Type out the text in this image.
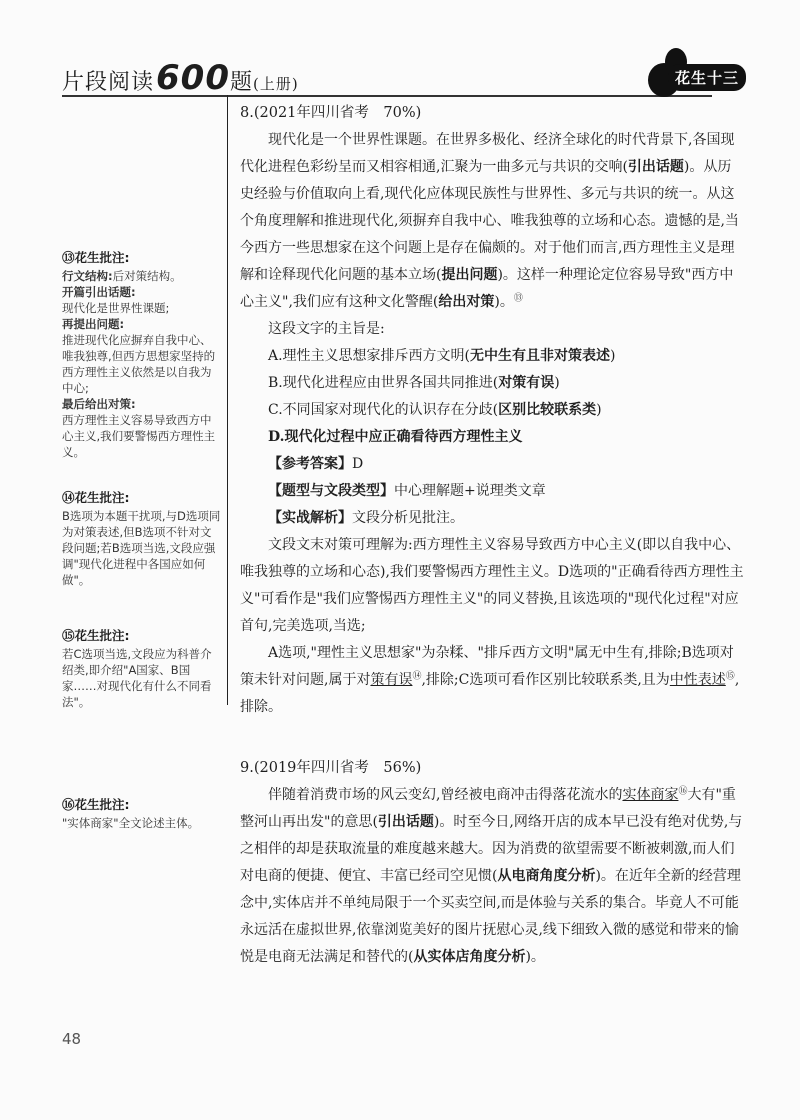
片段阅读600题(上册)	花生十三
⑬花生批注:
行文结构:后对策结构。
开篇引出话题:
现代化是世界性课题;
再提出问题:
推进现代化应摒弃自我中心、唯我独尊,但西方思想家坚持的西方理性主义依然是以自我为中心;
最后给出对策:
西方理性主义容易导致西方中心主义,我们要警惕西方理性主义。
⑭花生批注:
B选项为本题干扰项,与D选项同为对策表述,但B选项不针对文段问题;若B选项当选,文段应强调"现代化进程中各国应如何做"。
⑮花生批注:
若C选项当选,文段应为科普介绍类,即介绍"A国家、B国家……对现代化有什么不同看法"。
⑯花生批注:
"实体商家"全文论述主体。
8.(2021年四川省考　70%)

现代化是一个世界性课题。在世界多极化、经济全球化的时代背景下,各国现代化进程色彩纷呈而又相容相通,汇聚为一曲多元与共识的交响(引出话题)。从历史经验与价值取向上看,现代化应体现民族性与世界性、多元与共识的统一。从这个角度理解和推进现代化,须摒弃自我中心、唯我独尊的立场和心态。遗憾的是,当今西方一些思想家在这个问题上是存在偏颇的。对于他们而言,西方理性主义是理解和诠释现代化问题的基本立场(提出问题)。这样一种理论定位容易导致"西方中心主义",我们应有这种文化警醒(给出对策)。⑬

这段文字的主旨是:

A.理性主义思想家排斥西方文明(无中生有且非对策表述)

B.现代化进程应由世界各国共同推进(对策有误)

C.不同国家对现代化的认识存在分歧(区别比较联系类)

D.现代化过程中应正确看待西方理性主义

【参考答案】D

【题型与文段类型】中心理解题+说理类文章

【实战解析】文段分析见批注。

文段文末对策可理解为:西方理性主义容易导致西方中心主义(即以自我中心、唯我独尊的立场和心态),我们要警惕西方理性主义。D选项的"正确看待西方理性主义"可看作是"我们应警惕西方理性主义"的同义替换,且该选项的"现代化过程"对应首句,完美选项,当选;

A选项,"理性主义思想家"为杂糅、"排斥西方文明"属无中生有,排除;B选项对策未针对问题,属于对策有误⑭,排除;C选项可看作区别比较联系类,且为中性表述⑮,排除。

9.(2019年四川省考　56%)

伴随着消费市场的风云变幻,曾经被电商冲击得落花流水的实体商家⑯大有"重整河山再出发"的意思(引出话题)。时至今日,网络开店的成本早已没有绝对优势,与之相伴的却是获取流量的难度越来越大。因为消费的欲望需要不断被刺激,而人们对电商的便捷、便宜、丰富已经司空见惯(从电商角度分析)。在近年全新的经营理念中,实体店并不单纯局限于一个买卖空间,而是体验与关系的集合。毕竟人不可能永远活在虚拟世界,依靠浏览美好的图片抚慰心灵,线下细致入微的感觉和带来的愉悦是电商无法满足和替代的(从实体店角度分析)。

48
